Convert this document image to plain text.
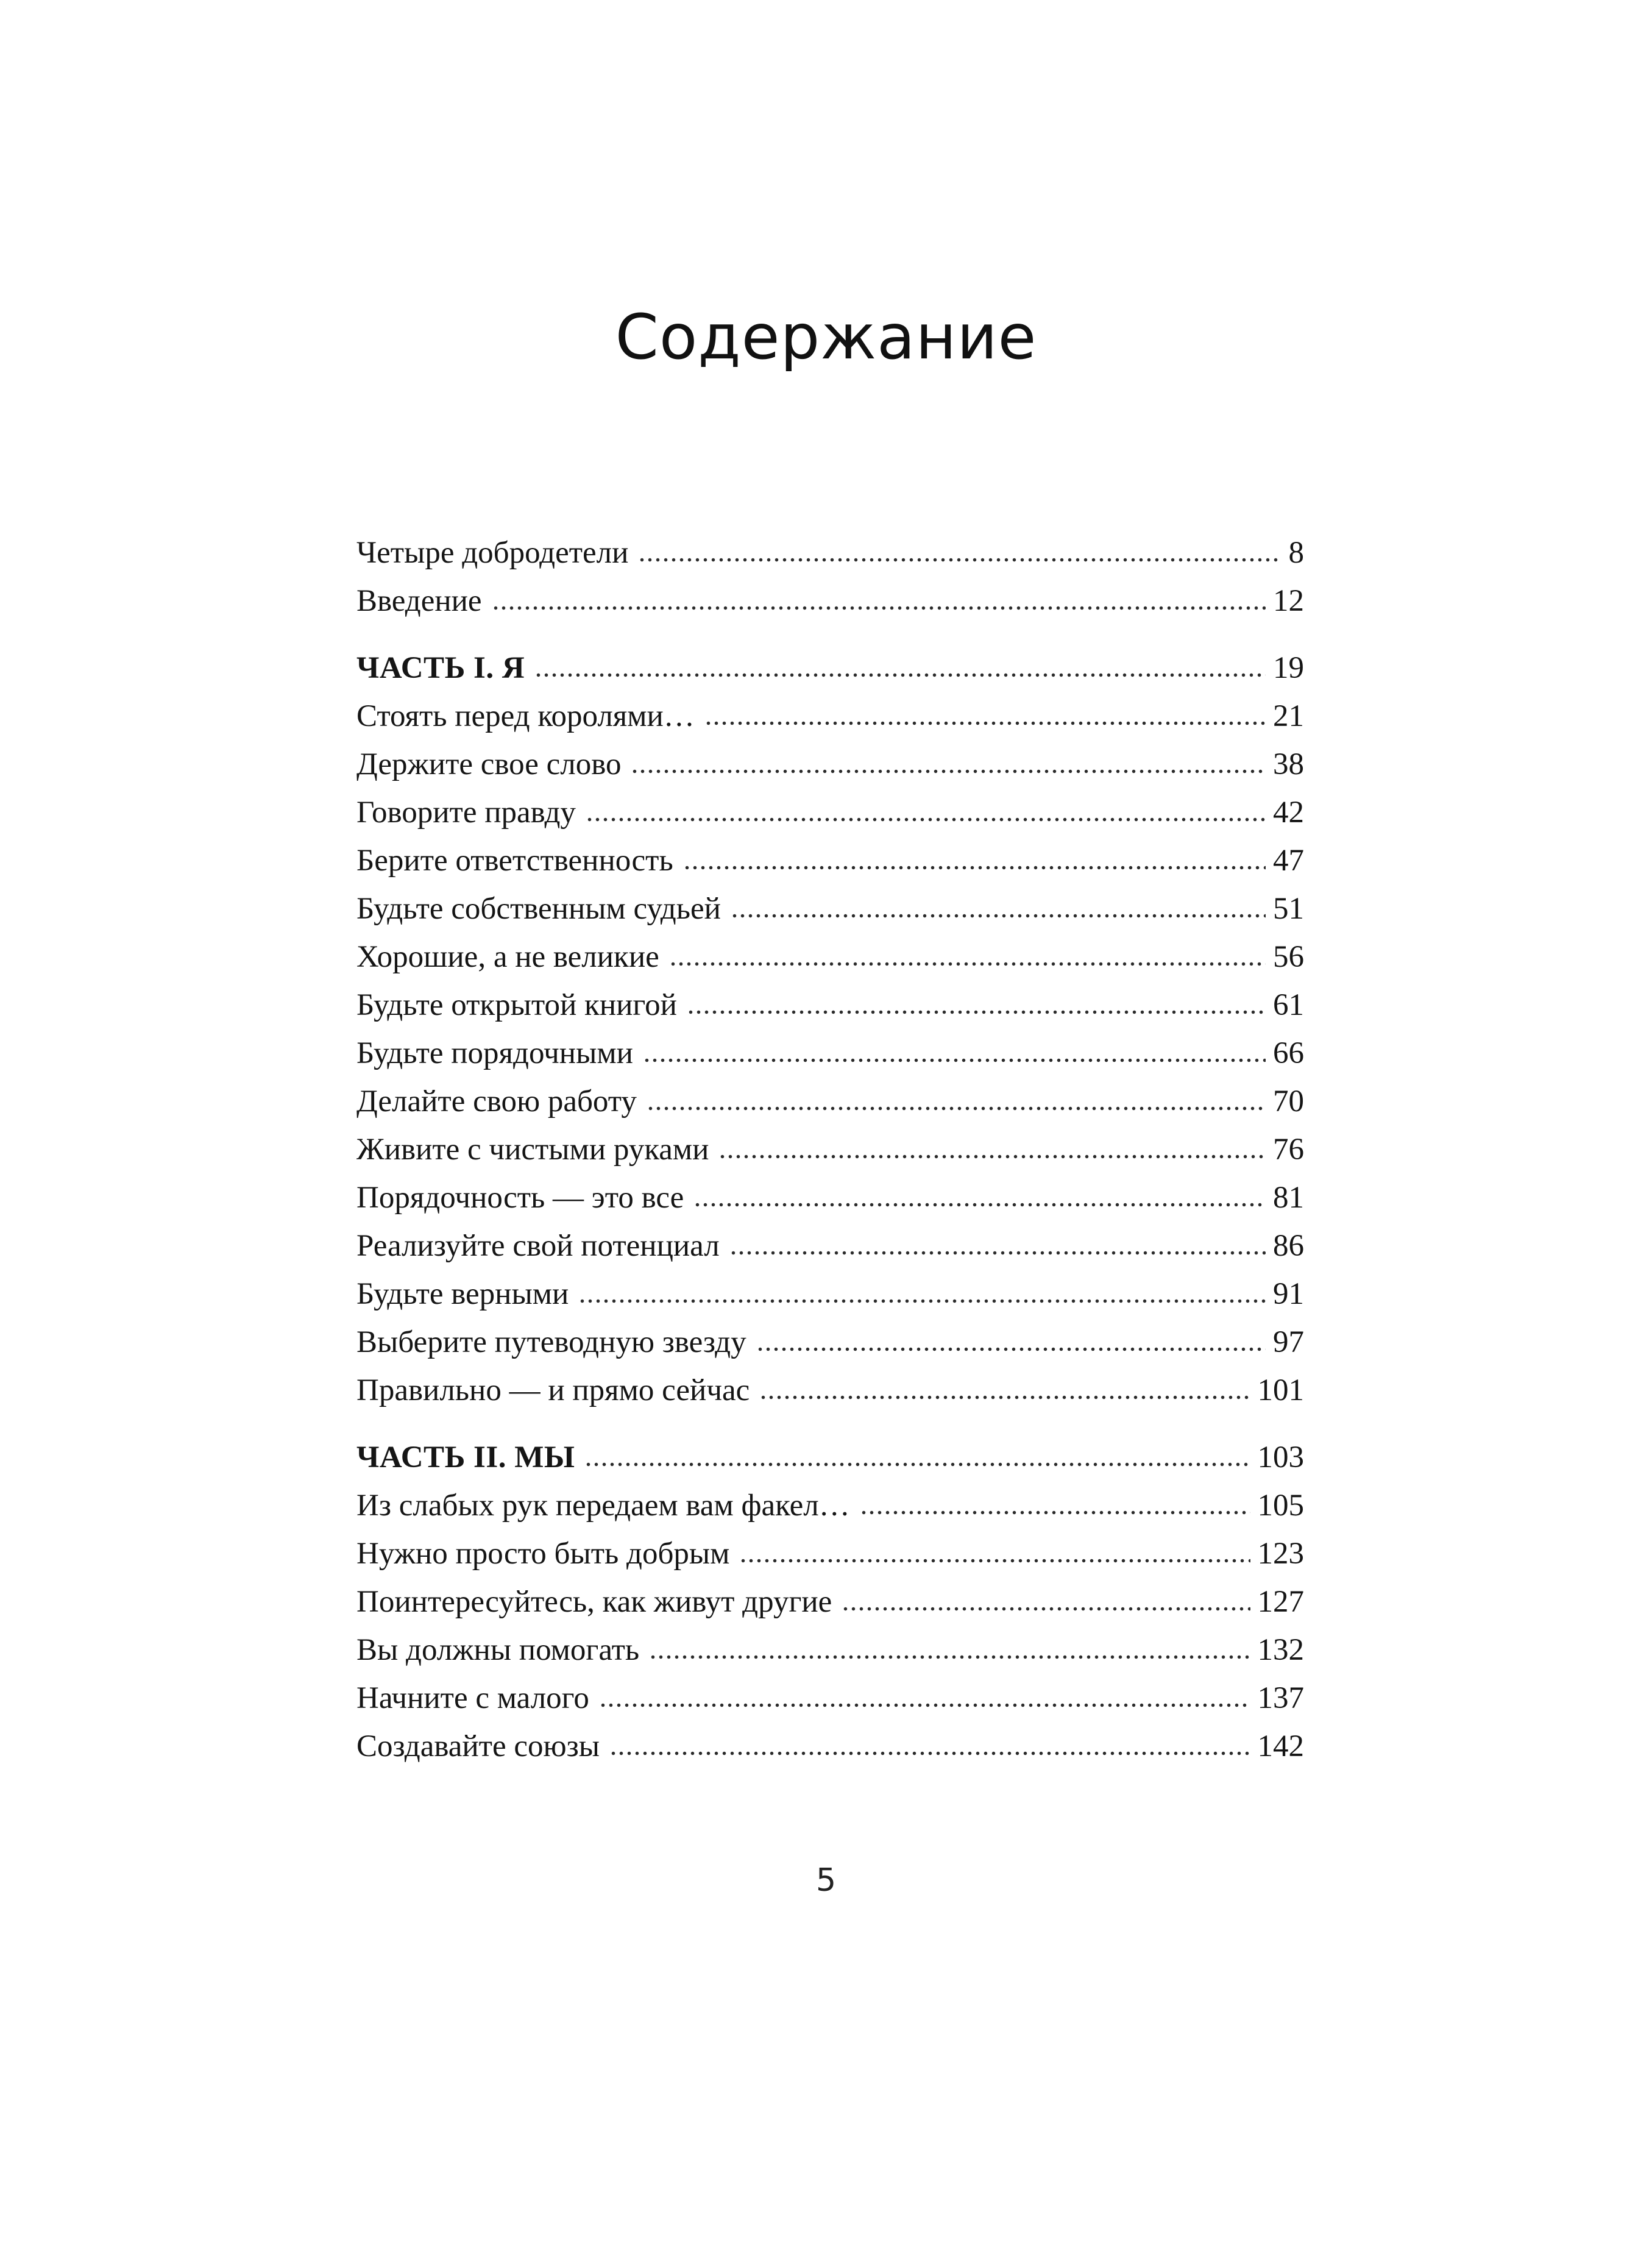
Содержание
Четыре добродетели	8
Введение	12
ЧАСТЬ I. Я	19
Стоять перед королями…	21
Держите свое слово	38
Говорите правду	42
Берите ответственность	47
Будьте собственным судьей	51
Хорошие, а не великие	56
Будьте открытой книгой	61
Будьте порядочными	66
Делайте свою работу	70
Живите с чистыми руками	76
Порядочность — это все	81
Реализуйте свой потенциал	86
Будьте верными	91
Выберите путеводную звезду	97
Правильно — и прямо сейчас	101
ЧАСТЬ II. МЫ	103
Из слабых рук передаем вам факел…	105
Нужно просто быть добрым	123
Поинтересуйтесь, как живут другие	127
Вы должны помогать	132
Начните с малого	137
Создавайте союзы	142
5
